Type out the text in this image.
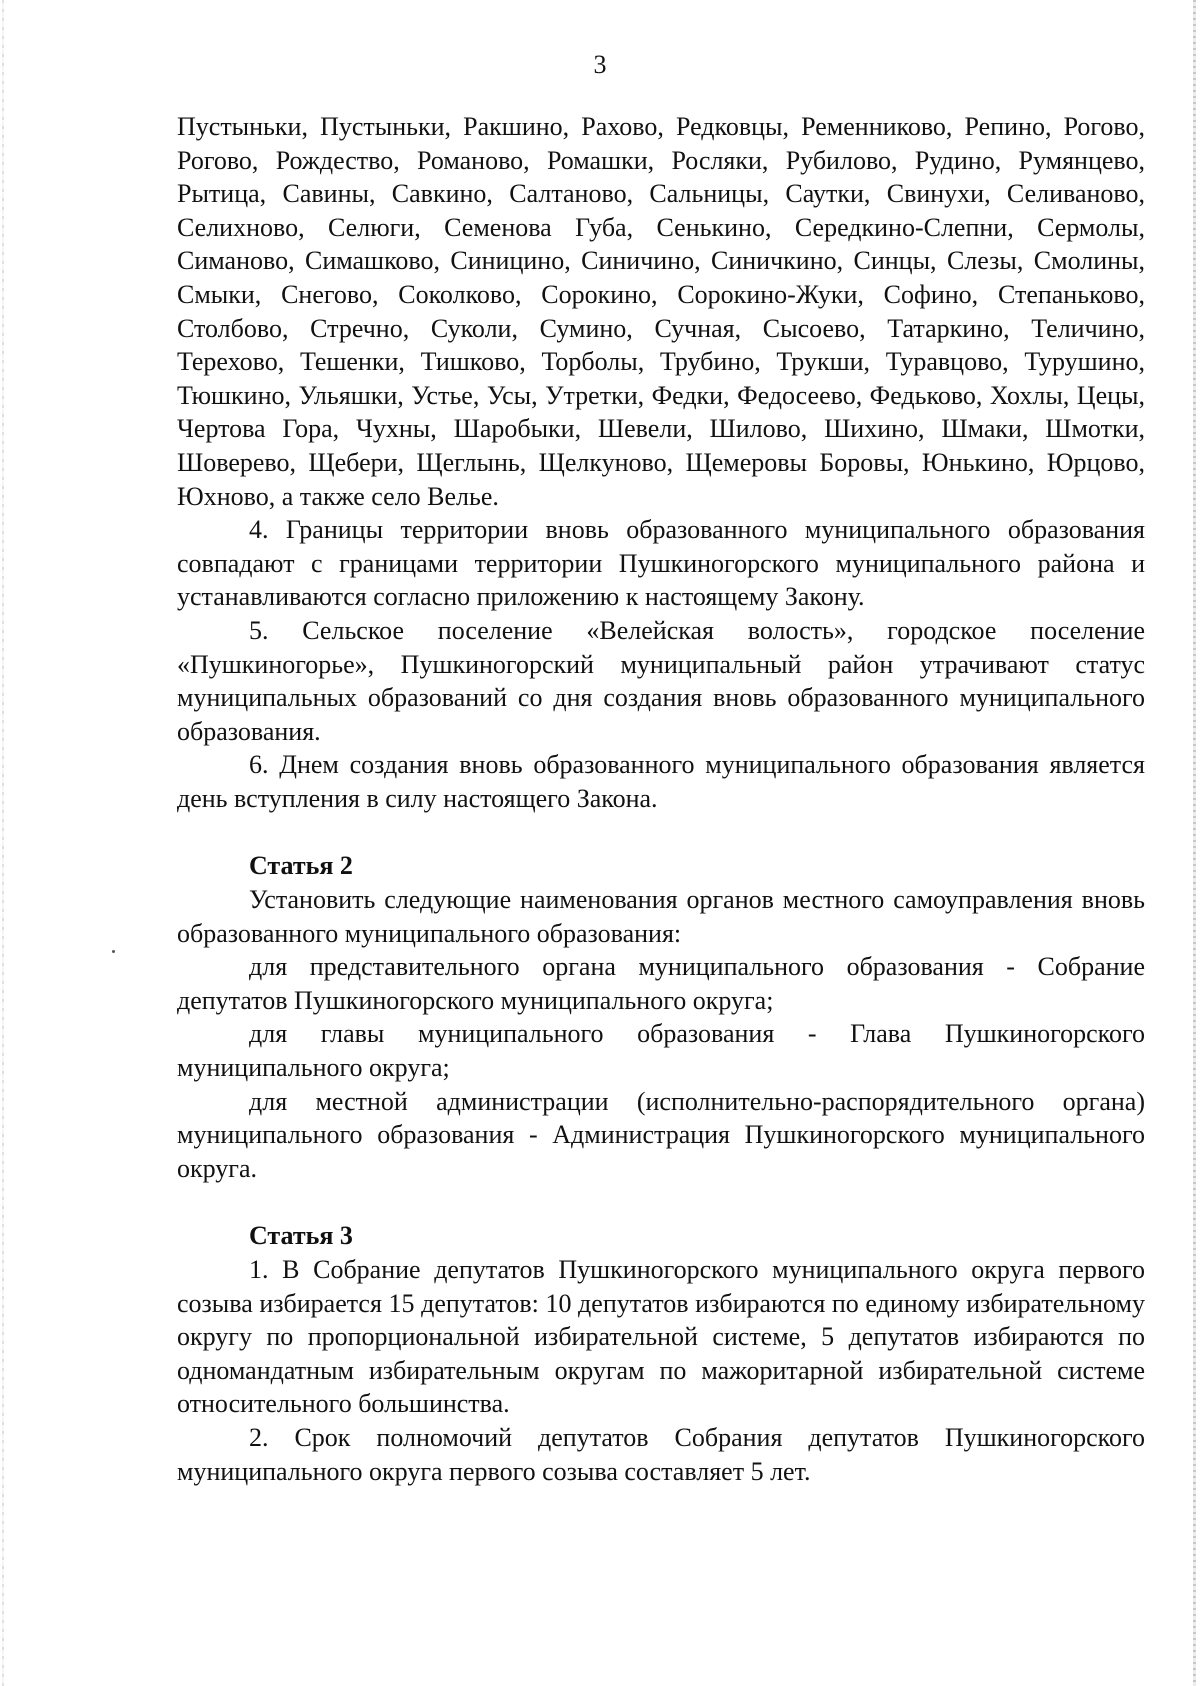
3

Пустыньки, Пустыньки, Ракшино, Рахово, Редковцы, Ременниково, Репино, Рогово, Рогово, Рождество, Романово, Ромашки, Росляки, Рубилово, Рудино, Румянцево, Рытица, Савины, Савкино, Салтаново, Сальницы, Саутки, Свинухи, Селиваново, Селихново, Селюги, Семенова Губа, Сенькино, Середкино-Слепни, Сермолы, Симаново, Симашково, Синицино, Синичино, Синичкино, Синцы, Слезы, Смолины, Смыки, Снегово, Соколково, Сорокино, Сорокино-Жуки, Софино, Степаньково, Столбово, Стречно, Суколи, Сумино, Сучная, Сысоево, Татаркино, Теличино, Терехово, Тешенки, Тишково, Торболы, Трубино, Трукши, Туравцово, Турушино, Тюшкино, Ульяшки, Устье, Усы, Утретки, Федки, Федосеево, Федьково, Хохлы, Цецы, Чертова Гора, Чухны, Шаробыки, Шевели, Шилово, Шихино, Шмаки, Шмотки, Шоверево, Щебери, Щеглынь, Щелкуново, Щемеровы Боровы, Юнькино, Юрцово, Юхново, а также село Велье.

4. Границы территории вновь образованного муниципального образования совпадают с границами территории Пушкиногорского муниципального района и устанавливаются согласно приложению к настоящему Закону.

5. Сельское поселение «Велейская волость», городское поселение «Пушкиногорье», Пушкиногорский муниципальный район утрачивают статус муниципальных образований со дня создания вновь образованного муниципального образования.

6. Днем создания вновь образованного муниципального образования является день вступления в силу настоящего Закона.

Статья 2

Установить следующие наименования органов местного самоуправления вновь образованного муниципального образования:

для представительного органа муниципального образования - Собрание депутатов Пушкиногорского муниципального округа;

для главы муниципального образования - Глава Пушкиногорского муниципального округа;

для местной администрации (исполнительно-распорядительного органа) муниципального образования - Администрация Пушкиногорского муниципального округа.

Статья 3

1. В Собрание депутатов Пушкиногорского муниципального округа первого созыва избирается 15 депутатов: 10 депутатов избираются по единому избирательному округу по пропорциональной избирательной системе, 5 депутатов избираются по одномандатным избирательным округам по мажоритарной избирательной системе относительного большинства.

2. Срок полномочий депутатов Собрания депутатов Пушкиногорского муниципального округа первого созыва составляет 5 лет.
